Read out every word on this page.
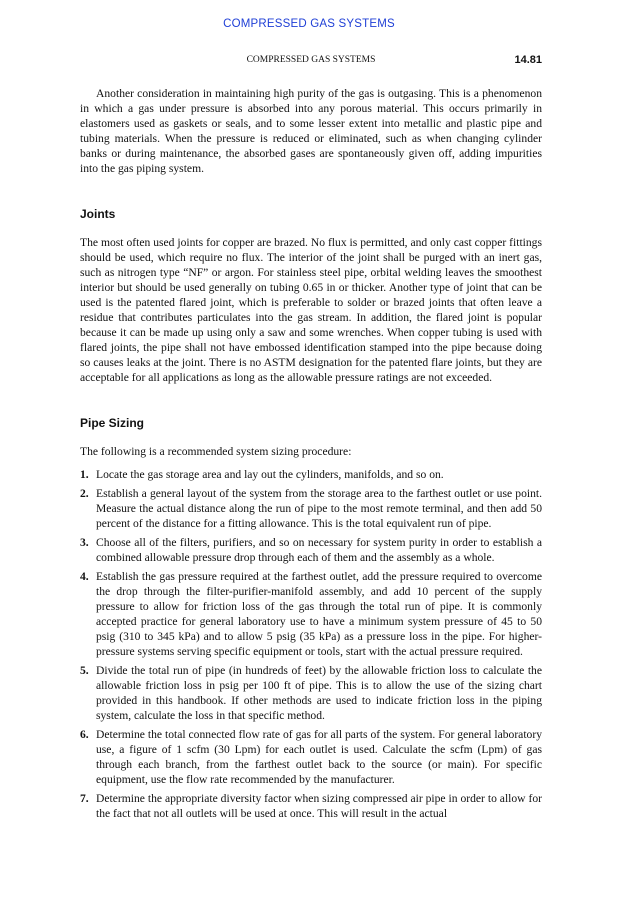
COMPRESSED GAS SYSTEMS
COMPRESSED GAS SYSTEMS	14.81

Another consideration in maintaining high purity of the gas is outgasing. This is a phenomenon in which a gas under pressure is absorbed into any porous material. This occurs primarily in elastomers used as gaskets or seals, and to some lesser extent into metallic and plastic pipe and tubing materials. When the pressure is reduced or eliminated, such as when changing cylinder banks or during maintenance, the absorbed gases are spontaneously given off, adding impurities into the gas piping system.

Joints

The most often used joints for copper are brazed. No flux is permitted, and only cast copper fittings should be used, which require no flux. The interior of the joint shall be purged with an inert gas, such as nitrogen type “NF” or argon. For stainless steel pipe, orbital welding leaves the smoothest interior but should be used generally on tubing 0.65 in or thicker. Another type of joint that can be used is the patented flared joint, which is preferable to solder or brazed joints that often leave a residue that contributes particulates into the gas stream. In addition, the flared joint is popular because it can be made up using only a saw and some wrenches. When copper tubing is used with flared joints, the pipe shall not have embossed identification stamped into the pipe because doing so causes leaks at the joint. There is no ASTM designation for the patented flare joints, but they are acceptable for all applications as long as the allowable pressure ratings are not exceeded.

Pipe Sizing

The following is a recommended system sizing procedure:

1. Locate the gas storage area and lay out the cylinders, manifolds, and so on.
2. Establish a general layout of the system from the storage area to the farthest outlet or use point. Measure the actual distance along the run of pipe to the most remote terminal, and then add 50 percent of the distance for a fitting allowance. This is the total equivalent run of pipe.
3. Choose all of the filters, purifiers, and so on necessary for system purity in order to establish a combined allowable pressure drop through each of them and the assembly as a whole.
4. Establish the gas pressure required at the farthest outlet, add the pressure required to overcome the drop through the filter-purifier-manifold assembly, and add 10 percent of the supply pressure to allow for friction loss of the gas through the total run of pipe. It is commonly accepted practice for general laboratory use to have a minimum system pressure of 45 to 50 psig (310 to 345 kPa) and to allow 5 psig (35 kPa) as a pressure loss in the pipe. For higher-pressure systems serving specific equipment or tools, start with the actual pressure required.
5. Divide the total run of pipe (in hundreds of feet) by the allowable friction loss to calculate the allowable friction loss in psig per 100 ft of pipe. This is to allow the use of the sizing chart provided in this handbook. If other methods are used to indicate friction loss in the piping system, calculate the loss in that specific method.
6. Determine the total connected flow rate of gas for all parts of the system. For general laboratory use, a figure of 1 scfm (30 Lpm) for each outlet is used. Calculate the scfm (Lpm) of gas through each branch, from the farthest outlet back to the source (or main). For specific equipment, use the flow rate recommended by the manufacturer.
7. Determine the appropriate diversity factor when sizing compressed air pipe in order to allow for the fact that not all outlets will be used at once. This will result in the actual
